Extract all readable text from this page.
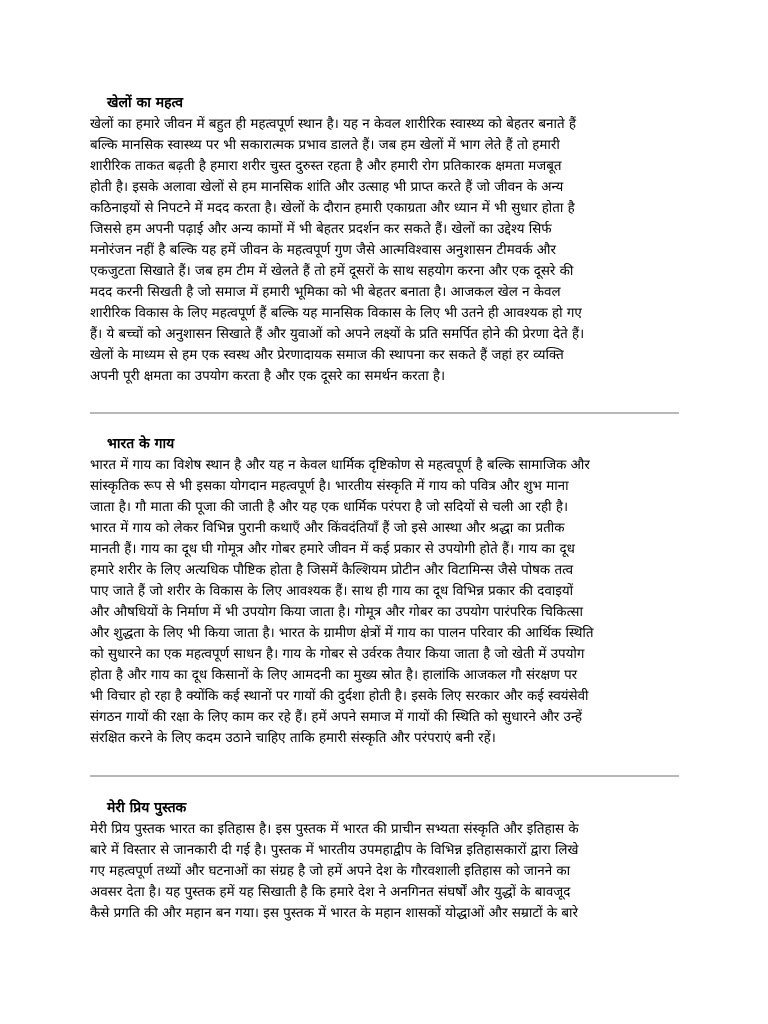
खेलों का महत्व
खेलों का हमारे जीवन में बहुत ही महत्वपूर्ण स्थान है। यह न केवल शारीरिक स्वास्थ्य को बेहतर बनाते हैं
बल्कि मानसिक स्वास्थ्य पर भी सकारात्मक प्रभाव डालते हैं। जब हम खेलों में भाग लेते हैं तो हमारी
शारीरिक ताकत बढ़ती है हमारा शरीर चुस्त दुरुस्त रहता है और हमारी रोग प्रतिकारक क्षमता मजबूत
होती है। इसके अलावा खेलों से हम मानसिक शांति और उत्साह भी प्राप्त करते हैं जो जीवन के अन्य
कठिनाइयों से निपटने में मदद करता है। खेलों के दौरान हमारी एकाग्रता और ध्यान में भी सुधार होता है
जिससे हम अपनी पढ़ाई और अन्य कामों में भी बेहतर प्रदर्शन कर सकते हैं। खेलों का उद्देश्य सिर्फ
मनोरंजन नहीं है बल्कि यह हमें जीवन के महत्वपूर्ण गुण जैसे आत्मविश्वास अनुशासन टीमवर्क और
एकजुटता सिखाते हैं। जब हम टीम में खेलते हैं तो हमें दूसरों के साथ सहयोग करना और एक दूसरे की
मदद करनी सिखती है जो समाज में हमारी भूमिका को भी बेहतर बनाता है। आजकल खेल न केवल
शारीरिक विकास के लिए महत्वपूर्ण हैं बल्कि यह मानसिक विकास के लिए भी उतने ही आवश्यक हो गए
हैं। ये बच्चों को अनुशासन सिखाते हैं और युवाओं को अपने लक्ष्यों के प्रति समर्पित होने की प्रेरणा देते हैं।
खेलों के माध्यम से हम एक स्वस्थ और प्रेरणादायक समाज की स्थापना कर सकते हैं जहां हर व्यक्ति
अपनी पूरी क्षमता का उपयोग करता है और एक दूसरे का समर्थन करता है।
भारत के गाय
भारत में गाय का विशेष स्थान है और यह न केवल धार्मिक दृष्टिकोण से महत्वपूर्ण है बल्कि सामाजिक और
सांस्कृतिक रूप से भी इसका योगदान महत्वपूर्ण है। भारतीय संस्कृति में गाय को पवित्र और शुभ माना
जाता है। गौ माता की पूजा की जाती है और यह एक धार्मिक परंपरा है जो सदियों से चली आ रही है।
भारत में गाय को लेकर विभिन्न पुरानी कथाएँ और किंवदंतियाँ हैं जो इसे आस्था और श्रद्धा का प्रतीक
मानती हैं। गाय का दूध घी गोमूत्र और गोबर हमारे जीवन में कई प्रकार से उपयोगी होते हैं। गाय का दूध
हमारे शरीर के लिए अत्यधिक पौष्टिक होता है जिसमें कैल्शियम प्रोटीन और विटामिन्स जैसे पोषक तत्व
पाए जाते हैं जो शरीर के विकास के लिए आवश्यक हैं। साथ ही गाय का दूध विभिन्न प्रकार की दवाइयों
और औषधियों के निर्माण में भी उपयोग किया जाता है। गोमूत्र और गोबर का उपयोग पारंपरिक चिकित्सा
और शुद्धता के लिए भी किया जाता है। भारत के ग्रामीण क्षेत्रों में गाय का पालन परिवार की आर्थिक स्थिति
को सुधारने का एक महत्वपूर्ण साधन है। गाय के गोबर से उर्वरक तैयार किया जाता है जो खेती में उपयोग
होता है और गाय का दूध किसानों के लिए आमदनी का मुख्य स्रोत है। हालांकि आजकल गौ संरक्षण पर
भी विचार हो रहा है क्योंकि कई स्थानों पर गायों की दुर्दशा होती है। इसके लिए सरकार और कई स्वयंसेवी
संगठन गायों की रक्षा के लिए काम कर रहे हैं। हमें अपने समाज में गायों की स्थिति को सुधारने और उन्हें
संरक्षित करने के लिए कदम उठाने चाहिए ताकि हमारी संस्कृति और परंपराएं बनी रहें।
मेरी प्रिय पुस्तक
मेरी प्रिय पुस्तक भारत का इतिहास है। इस पुस्तक में भारत की प्राचीन सभ्यता संस्कृति और इतिहास के
बारे में विस्तार से जानकारी दी गई है। पुस्तक में भारतीय उपमहाद्वीप के विभिन्न इतिहासकारों द्वारा लिखे
गए महत्वपूर्ण तथ्यों और घटनाओं का संग्रह है जो हमें अपने देश के गौरवशाली इतिहास को जानने का
अवसर देता है। यह पुस्तक हमें यह सिखाती है कि हमारे देश ने अनगिनत संघर्षों और युद्धों के बावजूद
कैसे प्रगति की और महान बन गया। इस पुस्तक में भारत के महान शासकों योद्धाओं और सम्राटों के बारे
